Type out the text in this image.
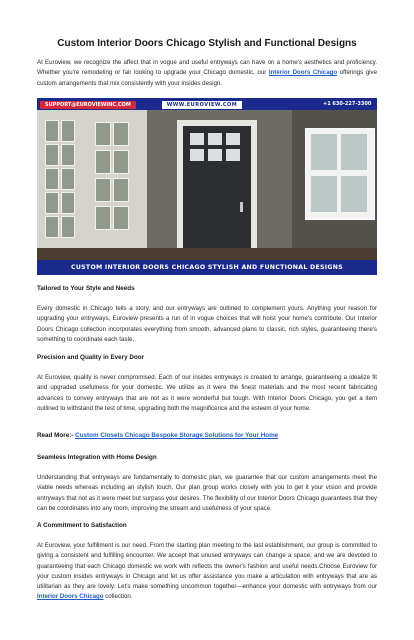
Custom Interior Doors Chicago Stylish and Functional Designs

At Euroview, we recognize the affect that in vogue and useful entryways can have on a home's aesthetics and proficiency. Whether you're remodeling or fair looking to upgrade your Chicago domestic, our Interior Doors Chicago offerings give custom arrangements that mix consistently with your insides design.

SUPPORT@EUROVIEWINC.COM	WWW.EUROVIEW.COM	+1 630-227-3300
CUSTOM INTERIOR DOORS CHICAGO STYLISH AND FUNCTIONAL DESIGNS

Tailored to Your Style and Needs

Every domestic in Chicago tells a story, and our entryways are outlined to complement yours. Anything your reason for upgrading your entryways, Euroview presents a run of in vogue choices that will hoist your home's contribute. Our Interior Doors Chicago collection incorporates everything from smooth, advanced plans to classic, rich styles, guaranteeing there's something to coordinate each taste.

Precision and Quality in Every Door

At Euroview, quality is never compromised. Each of our insides entryways is created to arrange, guaranteeing a idealize fit and upgraded usefulness for your domestic. We utilize as it were the finest materials and the most recent fabricating advances to convey entryways that are not as it were wonderful but tough. With Interior Doors Chicago, you get a item outlined to withstand the test of time, upgrading both the magnificence and the esteem of your home.

Read More:- Custom Closets Chicago Bespoke Storage Solutions for Your Home

Seamless Integration with Home Design

Understanding that entryways are fundamentally to domestic plan, we guarantee that our custom arrangements meet the viable needs whereas including an stylish touch. Our plan group works closely with you to get it your vision and provide entryways that not as it were meet but surpass your desires. The flexibility of our Interior Doors Chicago guarantees that they can be coordinates into any room, improving the stream and usefulness of your space.

A Commitment to Satisfaction

At Euroview, your fulfillment is our need. From the starting plan meeting to the last establishment, our group is committed to giving a consistent and fulfilling encounter. We accept that unused entryways can change a space, and we are devoted to guaranteeing that each Chicago domestic we work with reflects the owner's fashion and useful needs.Choose Euroview for your custom insides entryways in Chicago and let us offer assistance you make a articulation with entryways that are as utilitarian as they are lovely. Let's make something uncommon together—enhance your domestic with entryways from our Interior Doors Chicago collection.
